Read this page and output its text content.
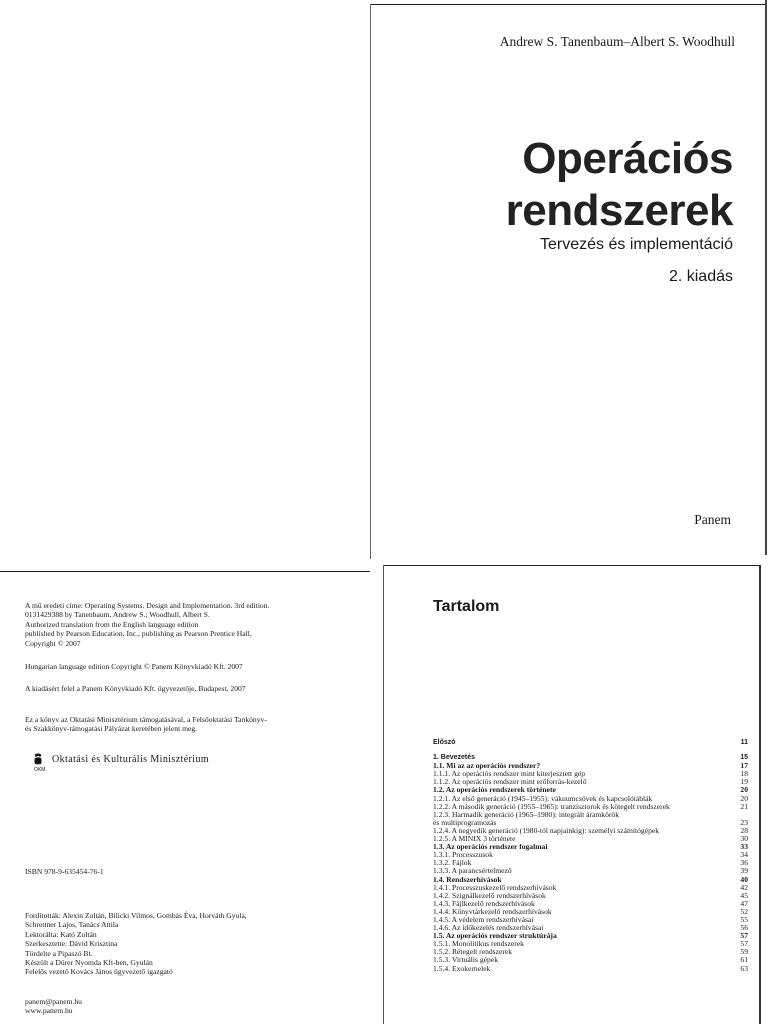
Andrew S. Tanenbaum–Albert S. Woodhull
Operációs
rendszerek
Tervezés és implementáció
2. kiadás
Panem
A mű eredeti címe: Operating Systems. Design and Implementation. 3rd edition.
0131429388 by Tanenbaum, Andrew S.; Woodhull, Albert S.
Authorized translation from the English language edition
published by Pearson Education, Inc., publishing as Pearson Prentice Hall,
Copyright © 2007
Hungarian language edition Copyright © Panem Könyvkiadó Kft. 2007
A kiadásért felel a Panem Könyvkiadó Kft. ügyvezetője, Budapest, 2007
Ez a könyv az Oktatási Minisztérium támogatásával, a Felsőoktatási Tankönyv-
és Szakkönyv-támogatási Pályázat keretében jelent meg.
Oktatási és Kulturális Minisztérium
OKM
ISBN 978-9-635454-76-1
Fordították: Alexin Zoltán, Bilicki Vilmos, Gombás Éva, Horváth Gyula,
Schrettner Lajos, Tanács Attila
Lektorálta: Kató Zoltán
Szerkesztette: Dávid Krisztina
Tördelte a Pipaszó Bt.
Készült a Dürer Nyomda Kft-ben, Gyulán
Felelős vezető Kovács János ügyvezető igazgató
panem@panem.hu
www.panem.hu
Tartalom
Előszó	11
1. Bevezetés	15
1.1. Mi az az operációs rendszer?	17
1.1.1. Az operációs rendszer mint kiterjesztett gép	18
1.1.2. Az operációs rendszer mint erőforrás-kezelő	19
1.2. Az operációs rendszerek története	20
1.2.1. Az első generáció (1945–1955): vákuumcsövek és kapcsolótáblák	20
1.2.2. A második generáció (1955–1965): tranzisztorok és kötegelt rendszerek	21
1.2.3. Harmadik generáció (1965–1980): integrált áramkörök
és multiprogramozás	23
1.2.4. A negyedik generáció (1980-tól napjainkig): személyi számítógépek	28
1.2.5. A MINIX 3 története	30
1.3. Az operációs rendszer fogalmai	33
1.3.1. Processzusok	34
1.3.2. Fájlok	36
1.3.3. A parancsértelmező	39
1.4. Rendszerhívások	40
1.4.1. Processzuskezelő rendszerhívások	42
1.4.2. Szignálkezelő rendszerhívások	45
1.4.3. Fájlkezelő rendszerhívások	47
1.4.4. Könyvtárkezelő rendszerhívások	52
1.4.5. A védelem rendszerhívásai	55
1.4.6. Az időkezelés rendszerhívásai	56
1.5. Az operációs rendszer struktúrája	57
1.5.1. Monolitikus rendszerek	57
1.5.2. Rétegelt rendszerek	59
1.5.3. Virtuális gépek	61
1.5.4. Exokernelek	63
